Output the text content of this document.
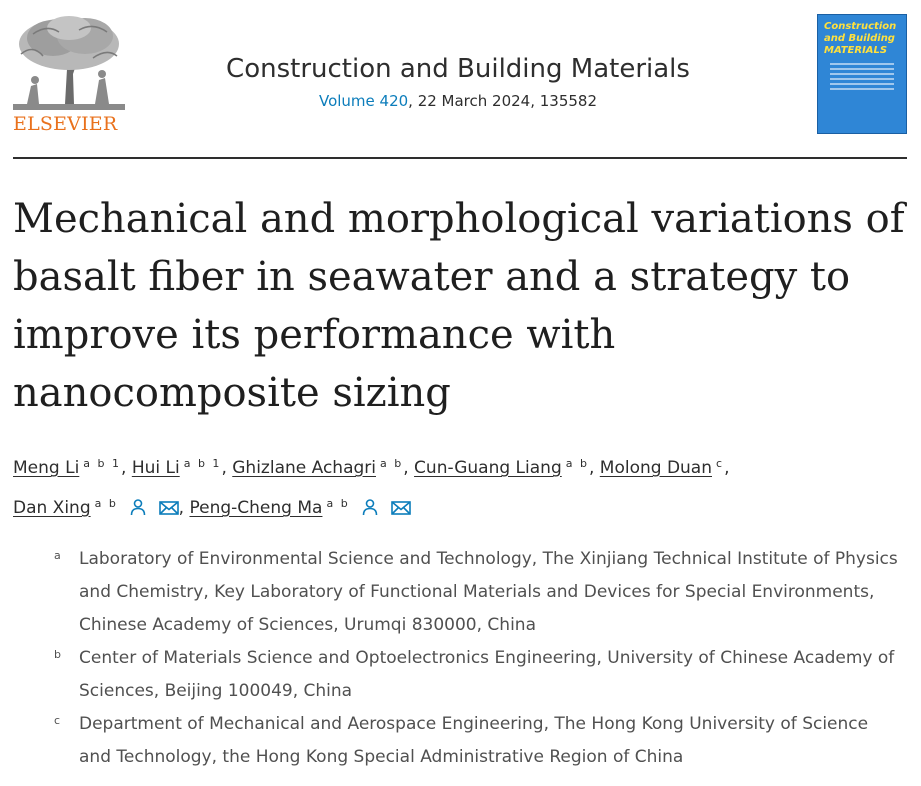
ELSEVIER
Construction and Building Materials
Volume 420, 22 March 2024, 135582
Construction and Building MATERIALS
Mechanical and morphological variations of basalt fiber in seawater and a strategy to improve its performance with nanocomposite sizing
Meng Li $^{a b 1}$, Hui Li $^{a b 1}$, Ghizlane Achagri $^{a b}$, Cun-Guang Liang $^{a b}$, Molong Duan $^c$,
Dan Xing $^{a b}$	, Peng-Cheng Ma $^{a b}$
a Laboratory of Environmental Science and Technology, The Xinjiang Technical Institute of Physics and Chemistry, Key Laboratory of Functional Materials and Devices for Special Environments, Chinese Academy of Sciences, Urumqi 830000, China
b Center of Materials Science and Optoelectronics Engineering, University of Chinese Academy of Sciences, Beijing 100049, China
c Department of Mechanical and Aerospace Engineering, The Hong Kong University of Science and Technology, the Hong Kong Special Administrative Region of China
